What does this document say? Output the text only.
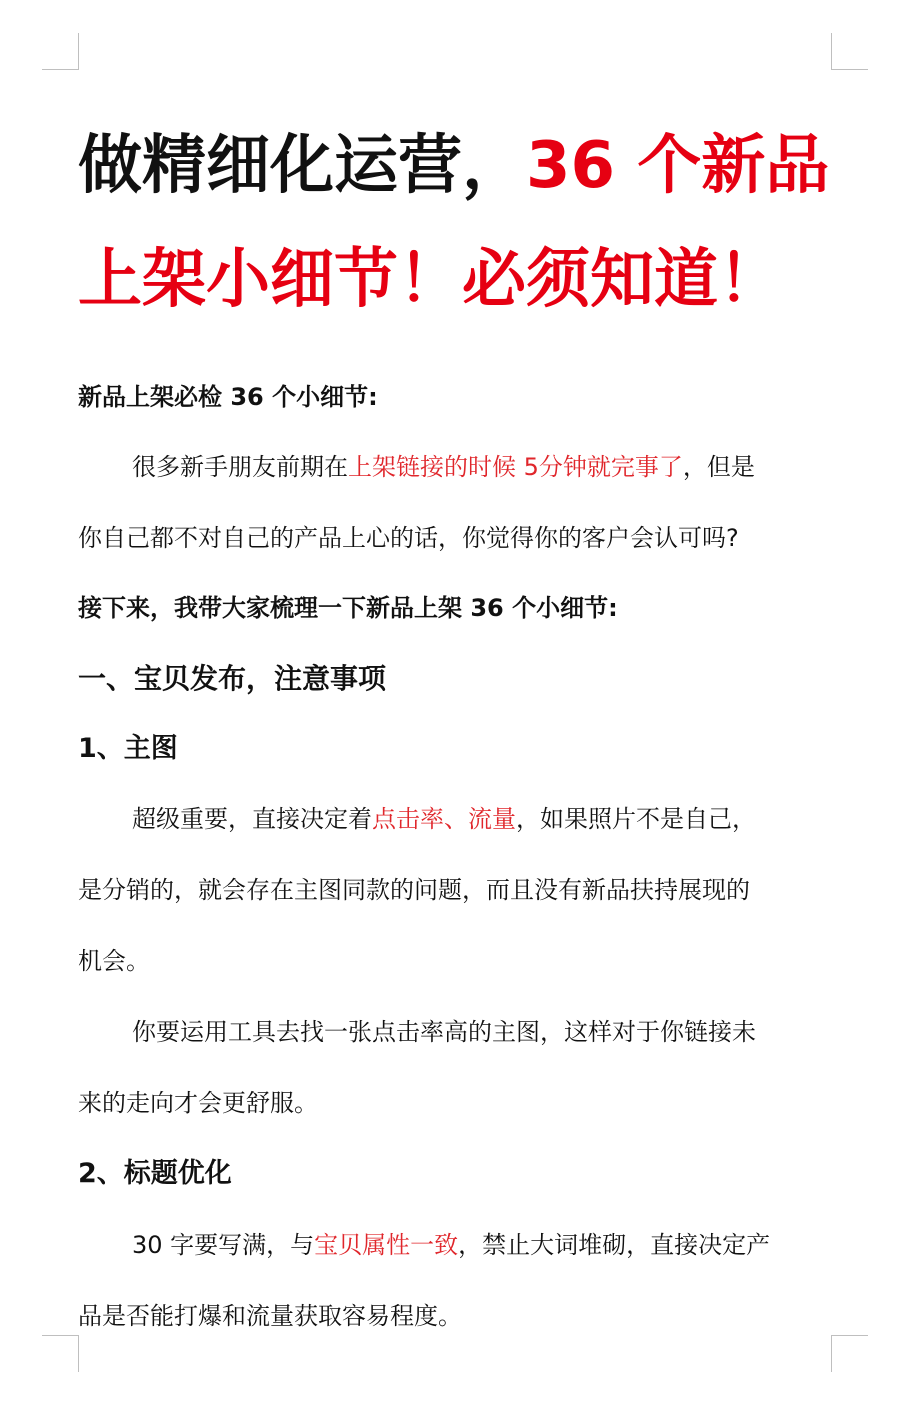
做精细化运营，36 个新品
上架小细节！必须知道！

新品上架必检 36 个小细节:

很多新手朋友前期在上架链接的时候 5分钟就完事了，但是

你自己都不对自己的产品上心的话，你觉得你的客户会认可吗?

接下来，我带大家梳理一下新品上架 36 个小细节:

一、宝贝发布，注意事项
1、主图

超级重要，直接决定着点击率、流量，如果照片不是自己，

是分销的，就会存在主图同款的问题，而且没有新品扶持展现的

机会。

你要运用工具去找一张点击率高的主图，这样对于你链接未

来的走向才会更舒服。

2、标题优化

30 字要写满，与宝贝属性一致，禁止大词堆砌，直接决定产

品是否能打爆和流量获取容易程度。
